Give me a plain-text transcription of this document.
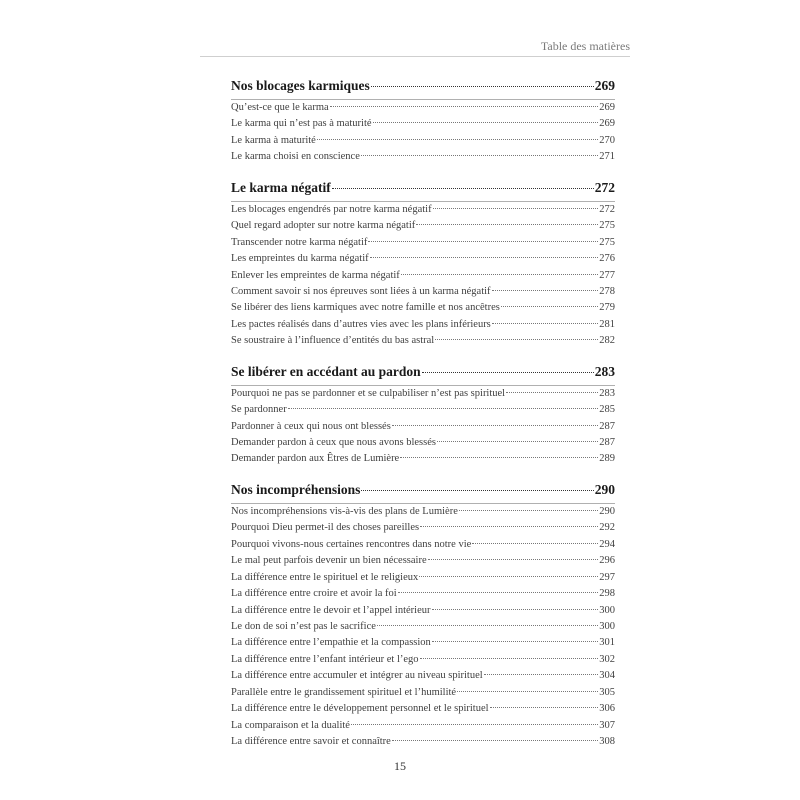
Table des matières
Nos blocages karmiques	269
Qu’est-ce que le karma	269
Le karma qui n’est pas à maturité	269
Le karma à maturité	270
Le karma choisi en conscience	271
Le karma négatif	272
Les blocages engendrés par notre karma négatif	272
Quel regard adopter sur notre karma négatif	275
Transcender notre karma négatif	275
Les empreintes du karma négatif	276
Enlever les empreintes de karma négatif	277
Comment savoir si nos épreuves sont liées à un karma négatif	278
Se libérer des liens karmiques avec notre famille et nos ancêtres	279
Les pactes réalisés dans d’autres vies avec les plans inférieurs	281
Se soustraire à l’influence d’entités du bas astral	282
Se libérer en accédant au pardon	283
Pourquoi ne pas se pardonner et se culpabiliser n’est pas spirituel	283
Se pardonner	285
Pardonner à ceux qui nous ont blessés	287
Demander pardon à ceux que nous avons blessés	287
Demander pardon aux Êtres de Lumière	289
Nos incompréhensions	290
Nos incompréhensions vis-à-vis des plans de Lumière	290
Pourquoi Dieu permet-il des choses pareilles	292
Pourquoi vivons-nous certaines rencontres dans notre vie	294
Le mal peut parfois devenir un bien nécessaire	296
La différence entre le spirituel et le religieux	297
La différence entre croire et avoir la foi	298
La différence entre le devoir et l’appel intérieur	300
Le don de soi n’est pas le sacrifice	300
La différence entre l’empathie et la compassion	301
La différence entre l’enfant intérieur et l’ego	302
La différence entre accumuler et intégrer au niveau spirituel	304
Parallèle entre le grandissement spirituel et l’humilité	305
La différence entre le développement personnel et le spirituel	306
La comparaison et la dualité	307
La différence entre savoir et connaître	308
15
